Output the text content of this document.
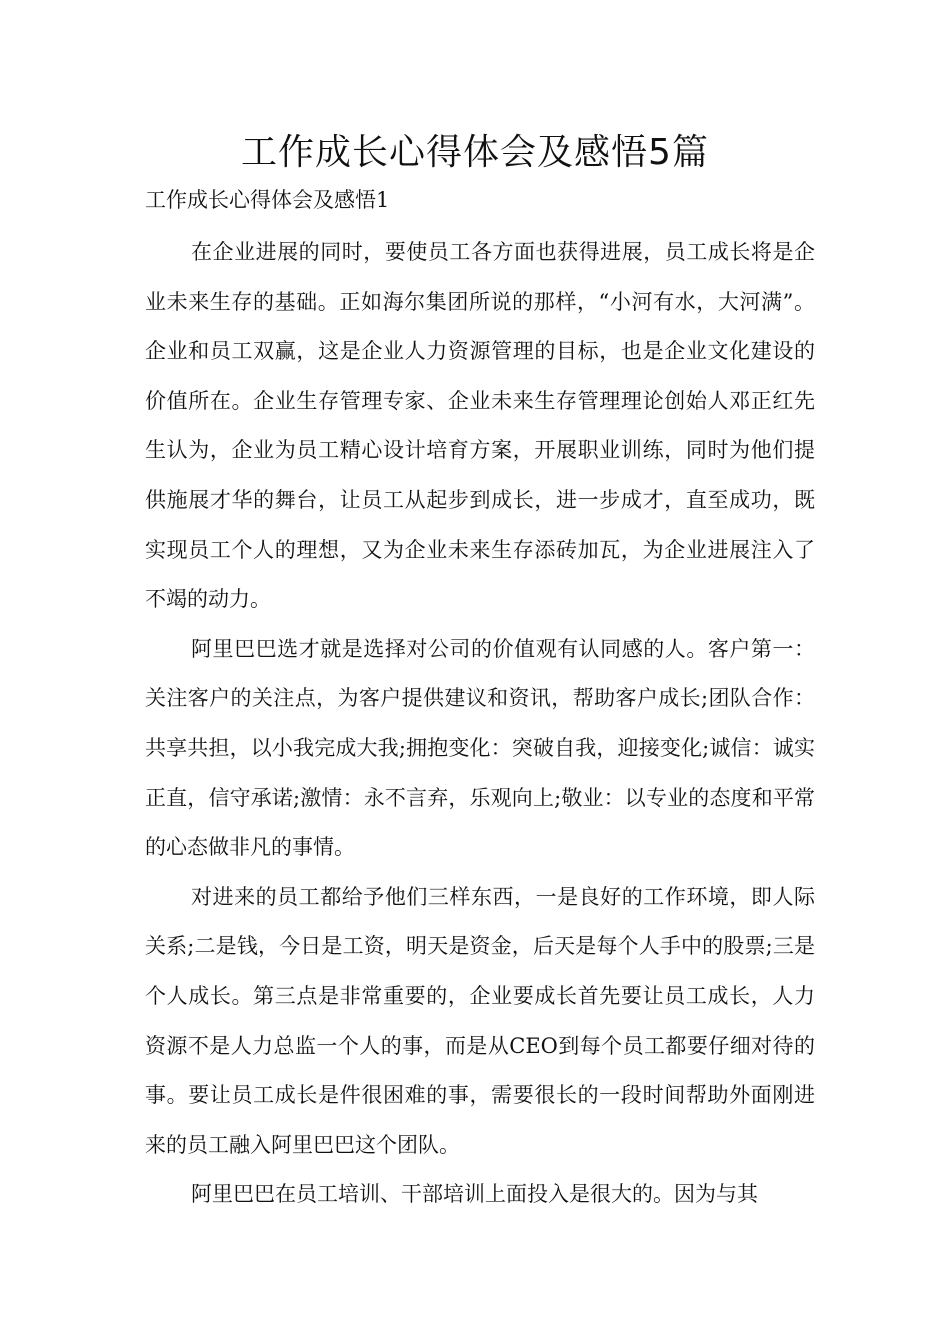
工作成长心得体会及感悟5篇
工作成长心得体会及感悟1

在企业进展的同时，要使员工各方面也获得进展，员工成长将是企业未来生存的基础。正如海尔集团所说的那样，“小河有水，大河满”。企业和员工双赢，这是企业人力资源管理的目标，也是企业文化建设的价值所在。企业生存管理专家、企业未来生存管理理论创始人邓正红先生认为，企业为员工精心设计培育方案，开展职业训练，同时为他们提供施展才华的舞台，让员工从起步到成长，进一步成才，直至成功，既实现员工个人的理想，又为企业未来生存添砖加瓦，为企业进展注入了不竭的动力。

阿里巴巴选才就是选择对公司的价值观有认同感的人。客户第一：关注客户的关注点，为客户提供建议和资讯，帮助客户成长;团队合作：共享共担，以小我完成大我;拥抱变化：突破自我，迎接变化;诚信：诚实正直，信守承诺;激情：永不言弃，乐观向上;敬业：以专业的态度和平常的心态做非凡的事情。

对进来的员工都给予他们三样东西，一是良好的工作环境，即人际关系;二是钱，今日是工资，明天是资金，后天是每个人手中的股票;三是个人成长。第三点是非常重要的，企业要成长首先要让员工成长，人力资源不是人力总监一个人的事，而是从CEO到每个员工都要仔细对待的事。要让员工成长是件很困难的事，需要很长的一段时间帮助外面刚进来的员工融入阿里巴巴这个团队。

阿里巴巴在员工培训、干部培训上面投入是很大的。因为与其
